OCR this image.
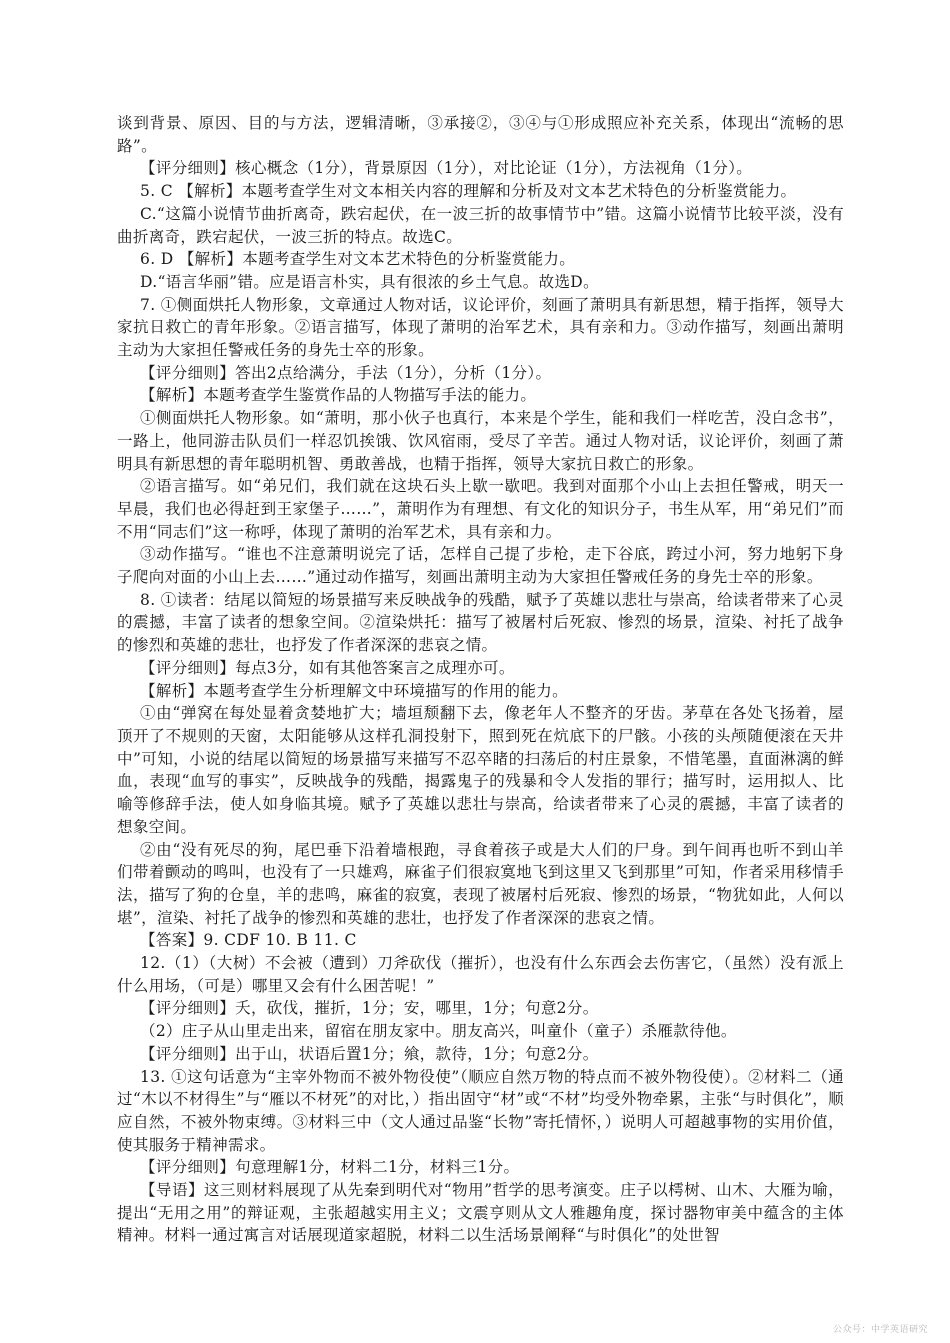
谈到背景、原因、目的与方法，逻辑清晰，③承接②，③④与①形成照应补充关系，体现出“流畅的思路”。

【评分细则】核心概念（1分），背景原因（1分），对比论证（1分），方法视角（1分）。

5. C 【解析】本题考查学生对文本相关内容的理解和分析及对文本艺术特色的分析鉴赏能力。

C.“这篇小说情节曲折离奇，跌宕起伏，在一波三折的故事情节中”错。这篇小说情节比较平淡，没有曲折离奇，跌宕起伏，一波三折的特点。故选C。

6. D 【解析】本题考查学生对文本艺术特色的分析鉴赏能力。

D.“语言华丽”错。应是语言朴实，具有很浓的乡土气息。故选D。

7. ①侧面烘托人物形象，文章通过人物对话，议论评价，刻画了萧明具有新思想，精于指挥，领导大家抗日救亡的青年形象。②语言描写，体现了萧明的治军艺术，具有亲和力。③动作描写，刻画出萧明主动为大家担任警戒任务的身先士卒的形象。

【评分细则】答出2点给满分，手法（1分），分析（1分）。

【解析】本题考查学生鉴赏作品的人物描写手法的能力。

①侧面烘托人物形象。如“萧明，那小伙子也真行，本来是个学生，能和我们一样吃苦，没白念书”，一路上，他同游击队员们一样忍饥挨饿、饮风宿雨，受尽了辛苦。通过人物对话，议论评价，刻画了萧明具有新思想的青年聪明机智、勇敢善战，也精于指挥，领导大家抗日救亡的形象。

②语言描写。如“弟兄们，我们就在这块石头上歇一歇吧。我到对面那个小山上去担任警戒，明天一早晨，我们也必得赶到王家堡子……”，萧明作为有理想、有文化的知识分子，书生从军，用“弟兄们”而不用“同志们”这一称呼，体现了萧明的治军艺术，具有亲和力。

③动作描写。“谁也不注意萧明说完了话，怎样自己提了步枪，走下谷底，跨过小河，努力地躬下身子爬向对面的小山上去……”通过动作描写，刻画出萧明主动为大家担任警戒任务的身先士卒的形象。

8. ①读者：结尾以简短的场景描写来反映战争的残酷，赋予了英雄以悲壮与崇高，给读者带来了心灵的震撼，丰富了读者的想象空间。②渲染烘托：描写了被屠村后死寂、惨烈的场景，渲染、衬托了战争的惨烈和英雄的悲壮，也抒发了作者深深的悲哀之情。

【评分细则】每点3分，如有其他答案言之成理亦可。

【解析】本题考查学生分析理解文中环境描写的作用的能力。

①由“弹窝在每处显着贪婪地扩大；墙垣颓翻下去，像老年人不整齐的牙齿。茅草在各处飞扬着，屋顶开了不规则的天窗，太阳能够从这样孔洞投射下，照到死在炕底下的尸骸。小孩的头颅随便滚在天井中”可知，小说的结尾以简短的场景描写来描写不忍卒睹的扫荡后的村庄景象，不惜笔墨，直面淋漓的鲜血，表现“血写的事实”，反映战争的残酷，揭露鬼子的残暴和令人发指的罪行；描写时，运用拟人、比喻等修辞手法，使人如身临其境。赋予了英雄以悲壮与崇高，给读者带来了心灵的震撼，丰富了读者的想象空间。

②由“没有死尽的狗，尾巴垂下沿着墙根跑，寻食着孩子或是大人们的尸身。到午间再也听不到山羊们带着颤动的鸣叫，也没有了一只雄鸡，麻雀子们很寂寞地飞到这里又飞到那里”可知，作者采用移情手法，描写了狗的仓皇，羊的悲鸣，麻雀的寂寞，表现了被屠村后死寂、惨烈的场景，“物犹如此，人何以堪”，渲染、衬托了战争的惨烈和英雄的悲壮，也抒发了作者深深的悲哀之情。

【答案】9. CDF 10. B 11. C

12.（1）（大树）不会被（遭到）刀斧砍伐（摧折），也没有什么东西会去伤害它，（虽然）没有派上什么用场，（可是）哪里又会有什么困苦呢！”

【评分细则】夭，砍伐，摧折，1分；安，哪里，1分；句意2分。

（2）庄子从山里走出来，留宿在朋友家中。朋友高兴，叫童仆（童子）杀雁款待他。

【评分细则】出于山，状语后置1分；飨，款待，1分；句意2分。

13. ①这句话意为“主宰外物而不被外物役使”（顺应自然万物的特点而不被外物役使）。②材料二（通过“木以不材得生”与“雁以不材死”的对比，）指出固守“材”或“不材”均受外物牵累，主张“与时俱化”，顺应自然，不被外物束缚。③材料三中（文人通过品鉴“长物”寄托情怀，）说明人可超越事物的实用价值，使其服务于精神需求。

【评分细则】句意理解1分，材料二1分，材料三1分。

【导语】这三则材料展现了从先秦到明代对“物用”哲学的思考演变。庄子以樗树、山木、大雁为喻，提出“无用之用”的辩证观，主张超越实用主义；文震亨则从文人雅趣角度，探讨器物审美中蕴含的主体精神。材料一通过寓言对话展现道家超脱，材料二以生活场景阐释“与时俱化”的处世智

公众号：中学英语研究
